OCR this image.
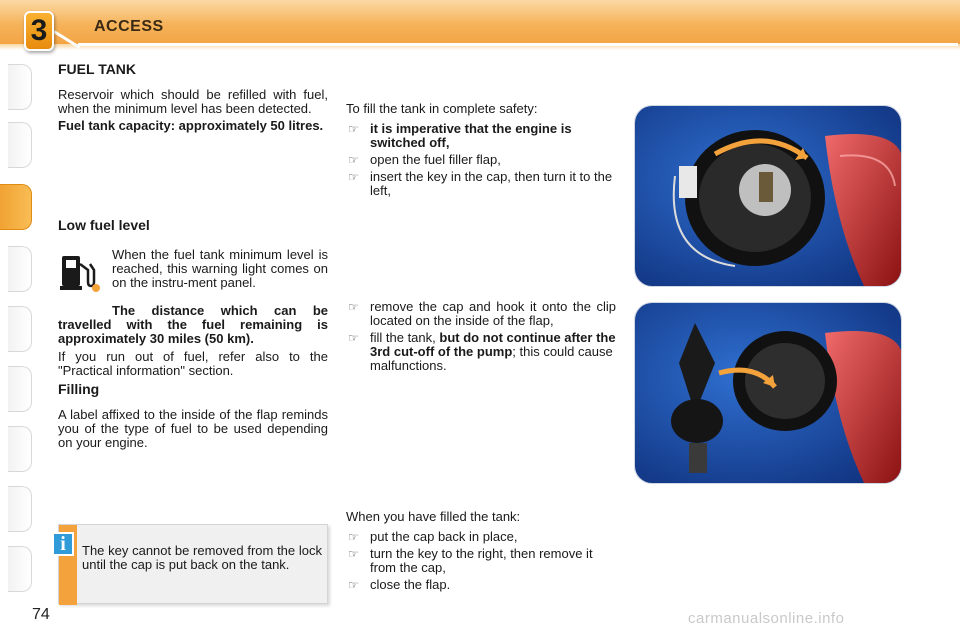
3	ACCESS
FUEL TANK

Reservoir which should be refilled with fuel, when the minimum level has been detected.

Fuel tank capacity: approximately 50 litres.

Low fuel level

When the fuel tank minimum level is reached, this warning light comes on on the instru-ment panel.

The distance which can be travelled with the fuel remaining is approximately 30 miles (50 km).

If you run out of fuel, refer also to the "Practical information" section.

Filling

A label affixed to the inside of the flap reminds you of the type of fuel to be used depending on your engine.

i	The key cannot be removed from the lock until the cap is put back on the tank.

To fill the tank in complete safety:

☞ it is imperative that the engine is switched off,
☞ open the fuel filler flap,
☞ insert the key in the cap, then turn it to the left,
☞ remove the cap and hook it onto the clip located on the inside of the flap,
☞ fill the tank, but do not continue after the 3rd cut-off of the pump; this could cause malfunctions.

When you have filled the tank:

☞ put the cap back in place,
☞ turn the key to the right, then remove it from the cap,
☞ close the flap.
74	carmanualsonline.info
